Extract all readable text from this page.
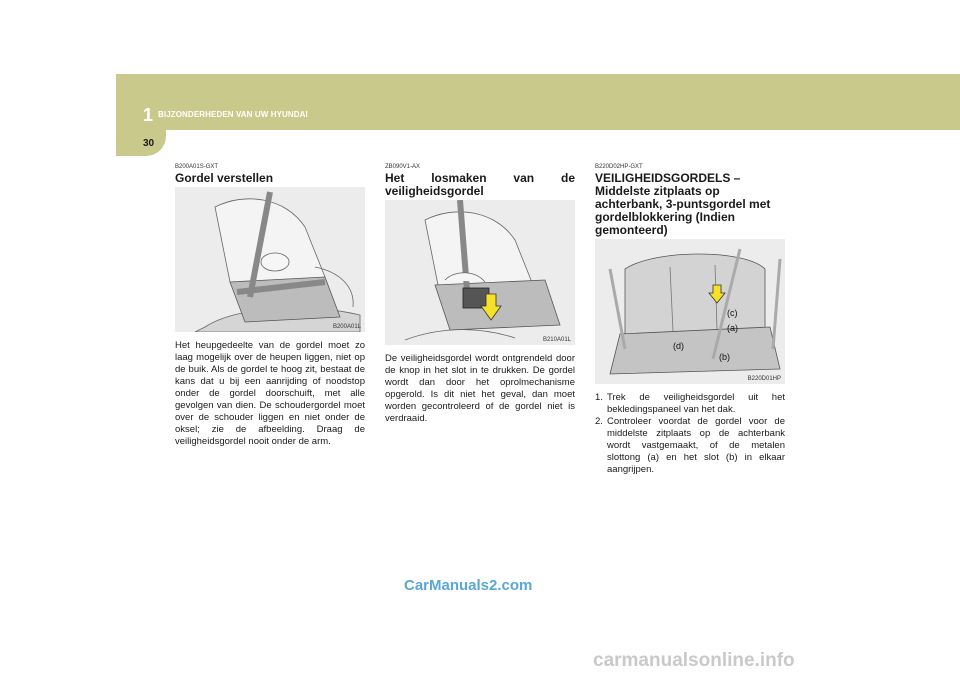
1 BIJZONDERHEDEN VAN UW HYUNDAI
30

B200A01S-GXT

Gordel verstellen
B200A01L

Het heupgedeelte van de gordel moet zo laag mogelijk over de heupen liggen, niet op de buik. Als de gordel te hoog zit, bestaat de kans dat u bij een aanrijding of noodstop onder de gordel doorschuift, met alle gevolgen van dien. De schoudergordel moet over de schouder liggen en niet onder de oksel; zie de afbeelding. Draag de veiligheidsgordel nooit onder de arm.

ZB090V1-AX

Het losmaken van de veiligheidsgordel
B210A01L

De veiligheidsgordel wordt ontgrendeld door de knop in het slot in te drukken. De gordel wordt dan door het oprolmechanisme opgerold. Is dit niet het geval, dan moet worden gecontroleerd of de gordel niet is verdraaid.

B220D02HP-GXT

VEILIGHEIDSGORDELS – Middelste zitplaats op achterbank, 3-puntsgordel met gordelblokkering (Indien gemonteerd)
(c)
(a)
(d)
(b)
B220D01HP
1. Trek de veiligheidsgordel uit het bekledingspaneel van het dak.
2. Controleer voordat de gordel voor de middelste zitplaats op de achterbank wordt vastgemaakt, of de metalen slottong (a) en het slot (b) in elkaar aangrijpen.
CarManuals2.com
carmanualsonline.info
